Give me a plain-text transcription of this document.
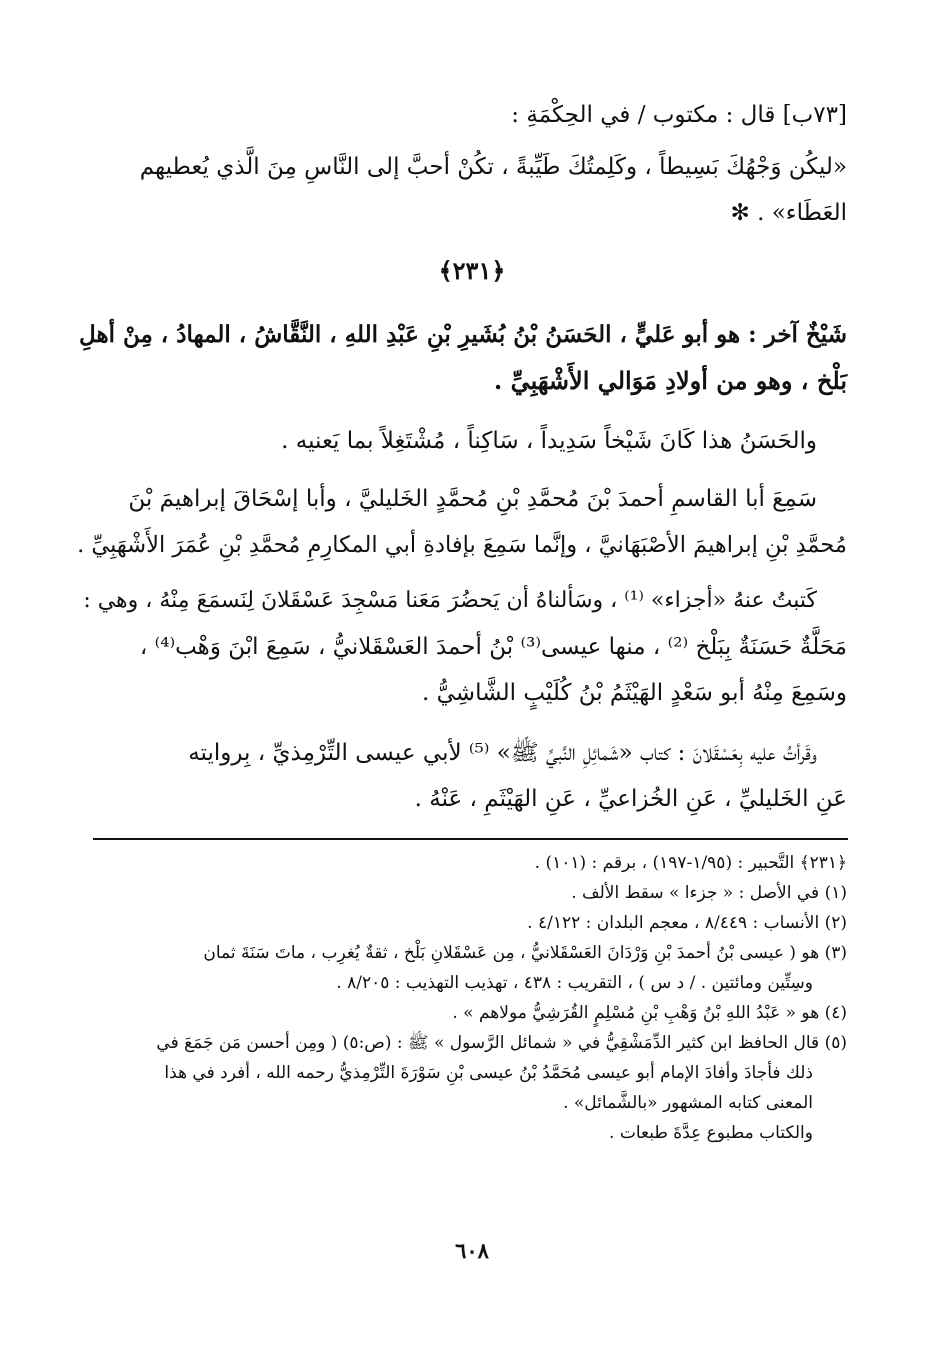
[٧٣ب] قال : مكتوب / في الحِكْمَةِ :
«ليكُن وَجْهُكَ بَسِيطاً ، وكَلِمتُكَ طَيِّبةً ، تكُنْ أحبَّ إلى النَّاسِ مِنَ الَّذي يُعطيهم
العَطَاء» . ✻
﴿٢٣١﴾
شَيْخٌ آخر : هو أبو عَليٍّ ، الحَسَنُ بْنُ بُشَيرِ بْنِ عَبْدِ اللهِ ، النَّقَّاشُ ، المهادُ ، مِنْ أهلِ
بَلْخ ، وهو من أولادِ مَوَالي الأَشْهَبِيِّ .
والحَسَنُ هذا كَانَ شَيْخاً سَدِيداً ، سَاكِناً ، مُشْتَغِلاً بما يَعنيه .
سَمِعَ أبا القاسمِ أحمدَ بْنَ مُحمَّدِ بْنِ مُحمَّدٍ الخَليليَّ ، وأبا إسْحَاقَ إبراهيمَ بْنَ
مُحمَّدِ بْنِ إبراهيمَ الأصْبَهَانيَّ ، وإنَّما سَمِعَ بإفادةِ أبي المكارِمِ مُحمَّدِ بْنِ عُمَرَ الأَشْهَبِيِّ .
كَتبتُ عنهُ «أجزاء» ⁽¹⁾ ، وسَألناهُ أن يَحضُرَ مَعَنا مَسْجِدَ عَسْقَلانَ لِنَسمَعَ مِنْهُ ، وهي :
مَحَلَّةٌ حَسَنَةٌ بِبَلْخ ⁽²⁾ ، منها عيسى⁽³⁾ بْنُ أحمدَ العَسْقَلانيُّ ، سَمِعَ ابْنَ وَهْب⁽⁴⁾ ،
وسَمِعَ مِنْهُ أبو سَعْدٍ الهَيْثَمُ بْنُ كُلَيْبٍ الشَّاشِيُّ .
وقَرأتُ عليه بِعَسْقَلانَ : كتاب «شَمائِلِ النَّبيِّ ﷺ» ⁽⁵⁾ لأبي عيسى التِّرْمِذيِّ ، بِروايته
عَنِ الخَليليِّ ، عَنِ الخُزاعيِّ ، عَنِ الهَيْثَمِ ، عَنْهُ .
﴿٢٣١﴾ التَّحبير : (١/٩٥-١٩٧) ، برقم : (١٠١) .
(١) في الأصل : « جزءا » سقط الألف .
(٢) الأنساب : ٨/٤٤٩ ، معجم البلدان : ٤/١٢٢ .
(٣) هو ( عيسى بْنُ أحمدَ بْنِ وَرْدَانَ العَسْقَلانيُّ ، مِن عَسْقَلانِ بَلْخ ، ثقةٌ يُغرِب ، ماتَ سَنَةَ ثمان
وسِتِّين ومائتين . / د س ) ، التقريب : ٤٣٨ ، تهذيب التهذيب : ٨/٢٠٥ .
(٤) هو « عَبْدُ اللهِ بْنُ وَهْبِ بْنِ مُسْلِمٍ القُرَشِيُّ مولاهم » .
(٥) قال الحافظ ابن كثير الدِّمَشْقِيُّ في « شمائل الرَّسول » ﷺ : (ص:٥) ( ومِن أحسن مَن جَمَعَ في
ذلك فأجادَ وأفادَ الإمام أبو عيسى مُحَمَّدُ بْنُ عيسى بْنِ سَوْرَةَ التِّرْمِذيُّ رحمه الله ، أفرد في هذا
المعنى كتابه المشهور «بالشَّمائل» .
والكتاب مطبوع عِدَّةَ طبعات .
٦٠٨
